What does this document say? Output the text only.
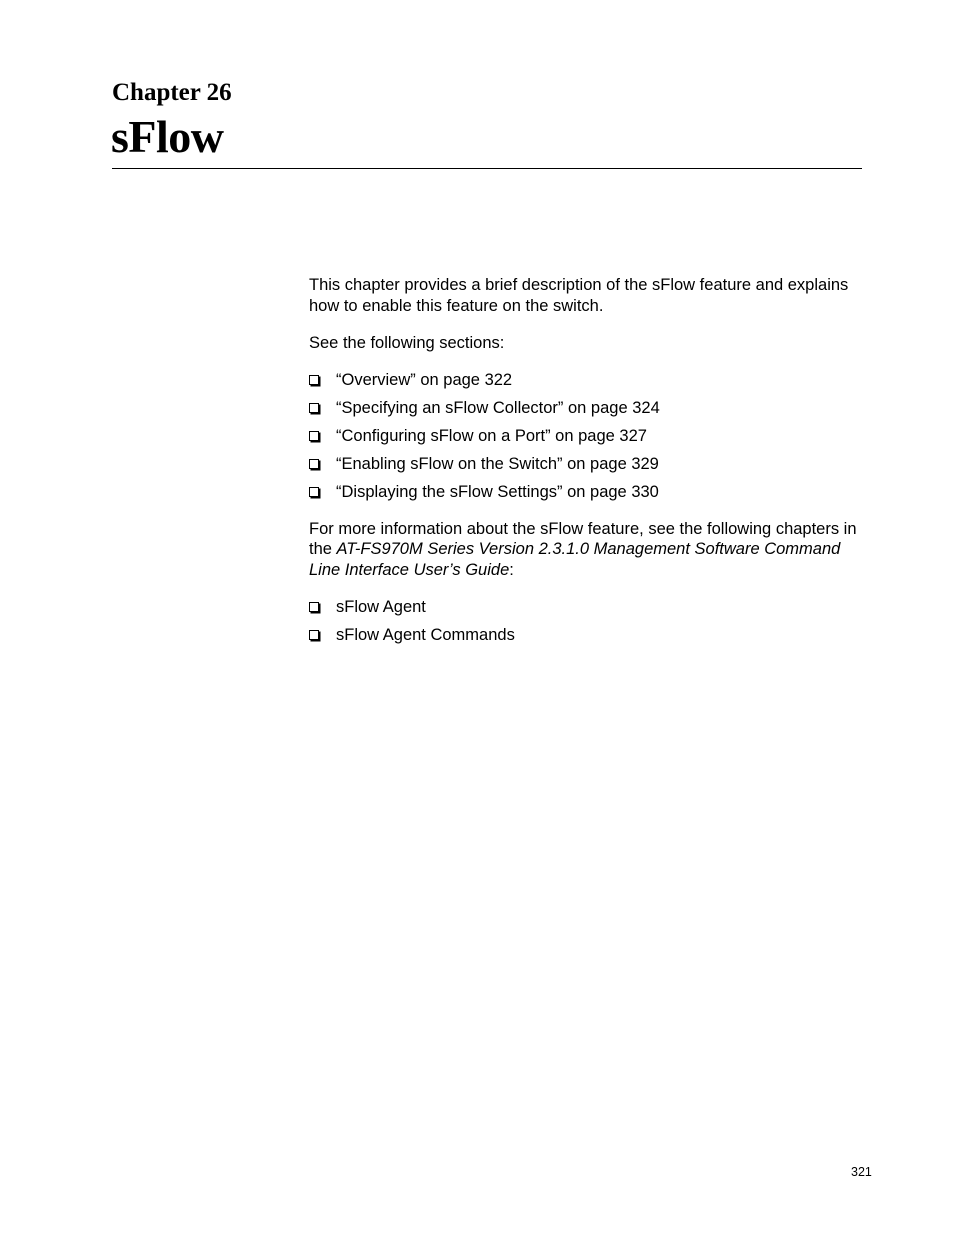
Chapter 26
sFlow

This chapter provides a brief description of the sFlow feature and explains how to enable this feature on the switch.

See the following sections:

“Overview” on page 322
“Specifying an sFlow Collector” on page 324
“Configuring sFlow on a Port” on page 327
“Enabling sFlow on the Switch” on page 329
“Displaying the sFlow Settings” on page 330

For more information about the sFlow feature, see the following chapters in the AT-FS970M Series Version 2.3.1.0 Management Software Command Line Interface User’s Guide:

sFlow Agent
sFlow Agent Commands
321
